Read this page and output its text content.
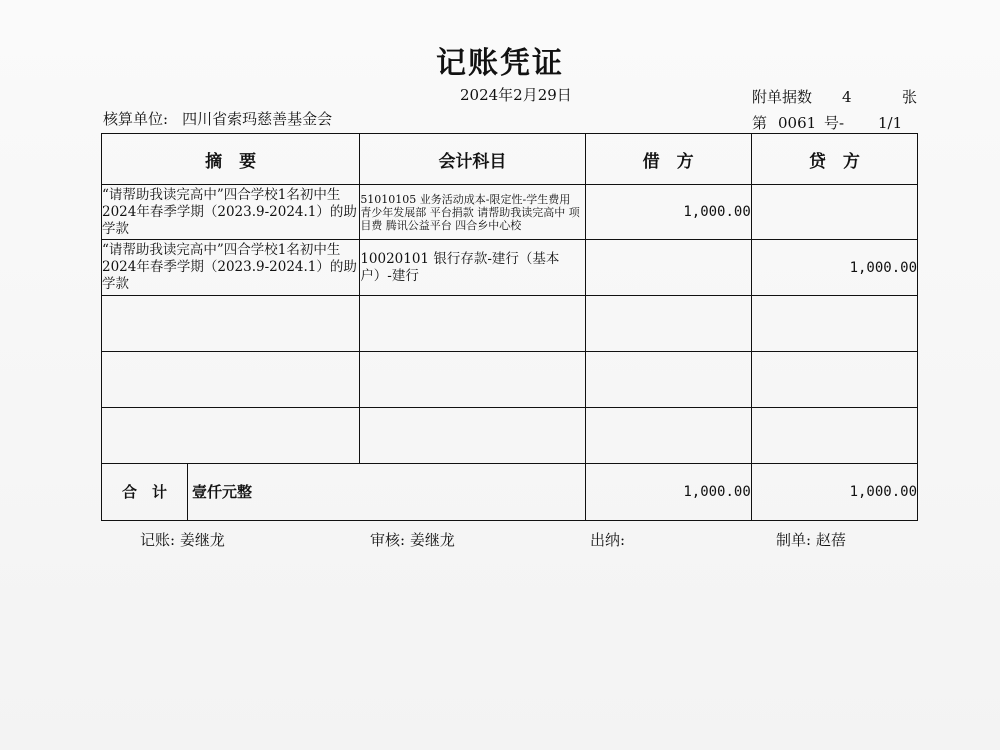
记账凭证
2024年2月29日
核算单位: 四川省索玛慈善基金会
附单据数 4	张
第 0061 号- 1/1
摘　要	会计科目	借　方	贷　方
“请帮助我读完高中”四合学校1名初中生2024年春季学期（2023.9-2024.1）的助学款	51010105 业务活动成本-限定性-学生费用 青少年发展部 平台捐款 请帮助我读完高中 项目费 腾讯公益平台 四合乡中心校	1,000.00	
“请帮助我读完高中”四合学校1名初中生2024年春季学期（2023.9-2024.1）的助学款	10020101 银行存款-建行（基本户）-建行		1,000.00

合　计 壹仟元整		1,000.00	1,000.00
记账: 姜继龙	审核: 姜继龙	出纳:	制单: 赵蓓
